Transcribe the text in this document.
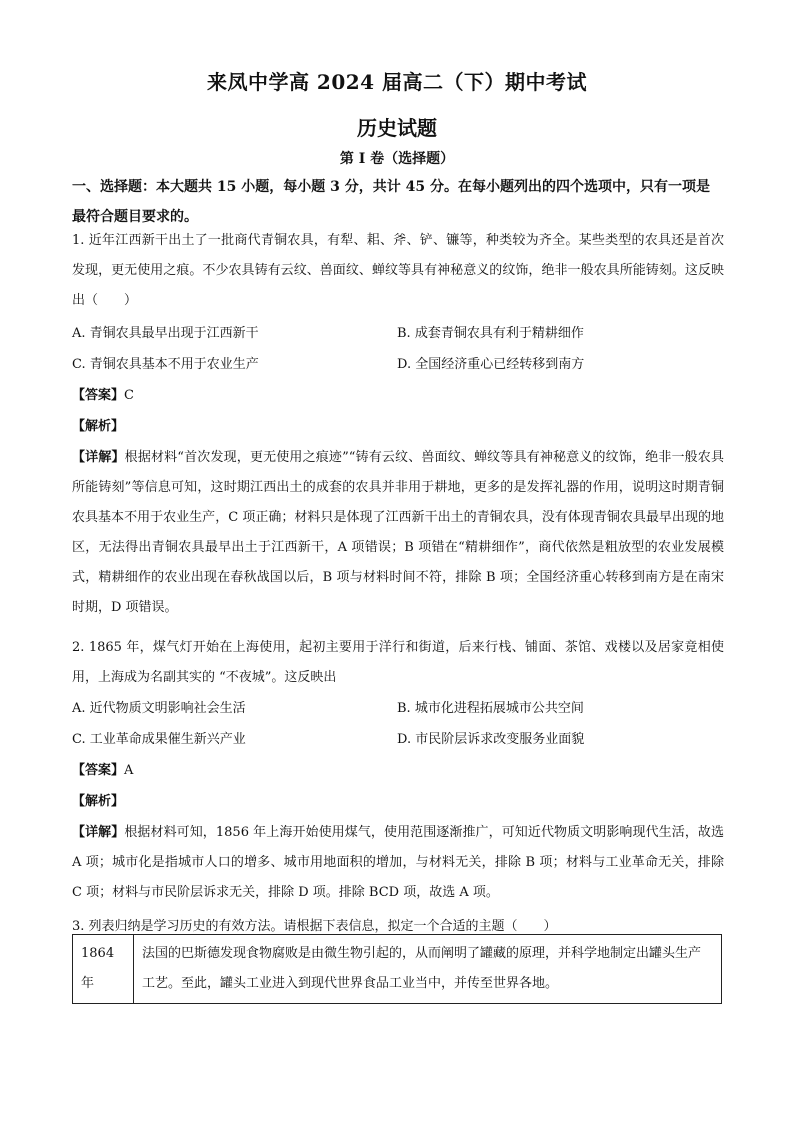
来凤中学高 2024 届高二（下）期中考试
历史试题
第 I 卷（选择题）
一、选择题：本大题共 15 小题，每小题 3 分，共计 45 分。在每小题列出的四个选项中，只有一项是最符合题目要求的。
1. 近年江西新干出土了一批商代青铜农具，有犁、耜、斧、铲、镰等，种类较为齐全。某些类型的农具还是首次发现，更无使用之痕。不少农具铸有云纹、兽面纹、蝉纹等具有神秘意义的纹饰，绝非一般农具所能铸刻。这反映出（　　）
A. 青铜农具最早出现于江西新干	B. 成套青铜农具有利于精耕细作
C. 青铜农具基本不用于农业生产	D. 全国经济重心已经转移到南方
【答案】C
【解析】
【详解】根据材料“首次发现，更无使用之痕迹”“铸有云纹、兽面纹、蝉纹等具有神秘意义的纹饰，绝非一般农具所能铸刻”等信息可知，这时期江西出土的成套的农具并非用于耕地，更多的是发挥礼器的作用，说明这时期青铜农具基本不用于农业生产，C 项正确；材料只是体现了江西新干出土的青铜农具，没有体现青铜农具最早出现的地区，无法得出青铜农具最早出土于江西新干，A 项错误；B 项错在“精耕细作”，商代依然是粗放型的农业发展模式，精耕细作的农业出现在春秋战国以后，B 项与材料时间不符，排除 B 项；全国经济重心转移到南方是在南宋时期，D 项错误。
2. 1865 年，煤气灯开始在上海使用，起初主要用于洋行和街道，后来行栈、铺面、茶馆、戏楼以及居家竟相使用，上海成为名副其实的 “不夜城”。这反映出
A. 近代物质文明影响社会生活	B. 城市化进程拓展城市公共空间
C. 工业革命成果催生新兴产业	D. 市民阶层诉求改变服务业面貌
【答案】A
【解析】
【详解】根据材料可知，1856 年上海开始使用煤气，使用范围逐渐推广，可知近代物质文明影响现代生活，故选 A 项；城市化是指城市人口的增多、城市用地面积的增加，与材料无关，排除 B 项；材料与工业革命无关，排除 C 项；材料与市民阶层诉求无关，排除 D 项。排除 BCD 项，故选 A 项。
3. 列表归纳是学习历史的有效方法。请根据下表信息，拟定一个合适的主题（　　）
1864 年	法国的巴斯德发现食物腐败是由微生物引起的，从而阐明了罐藏的原理，并科学地制定出罐头生产工艺。至此，罐头工业进入到现代世界食品工业当中，并传至世界各地。
